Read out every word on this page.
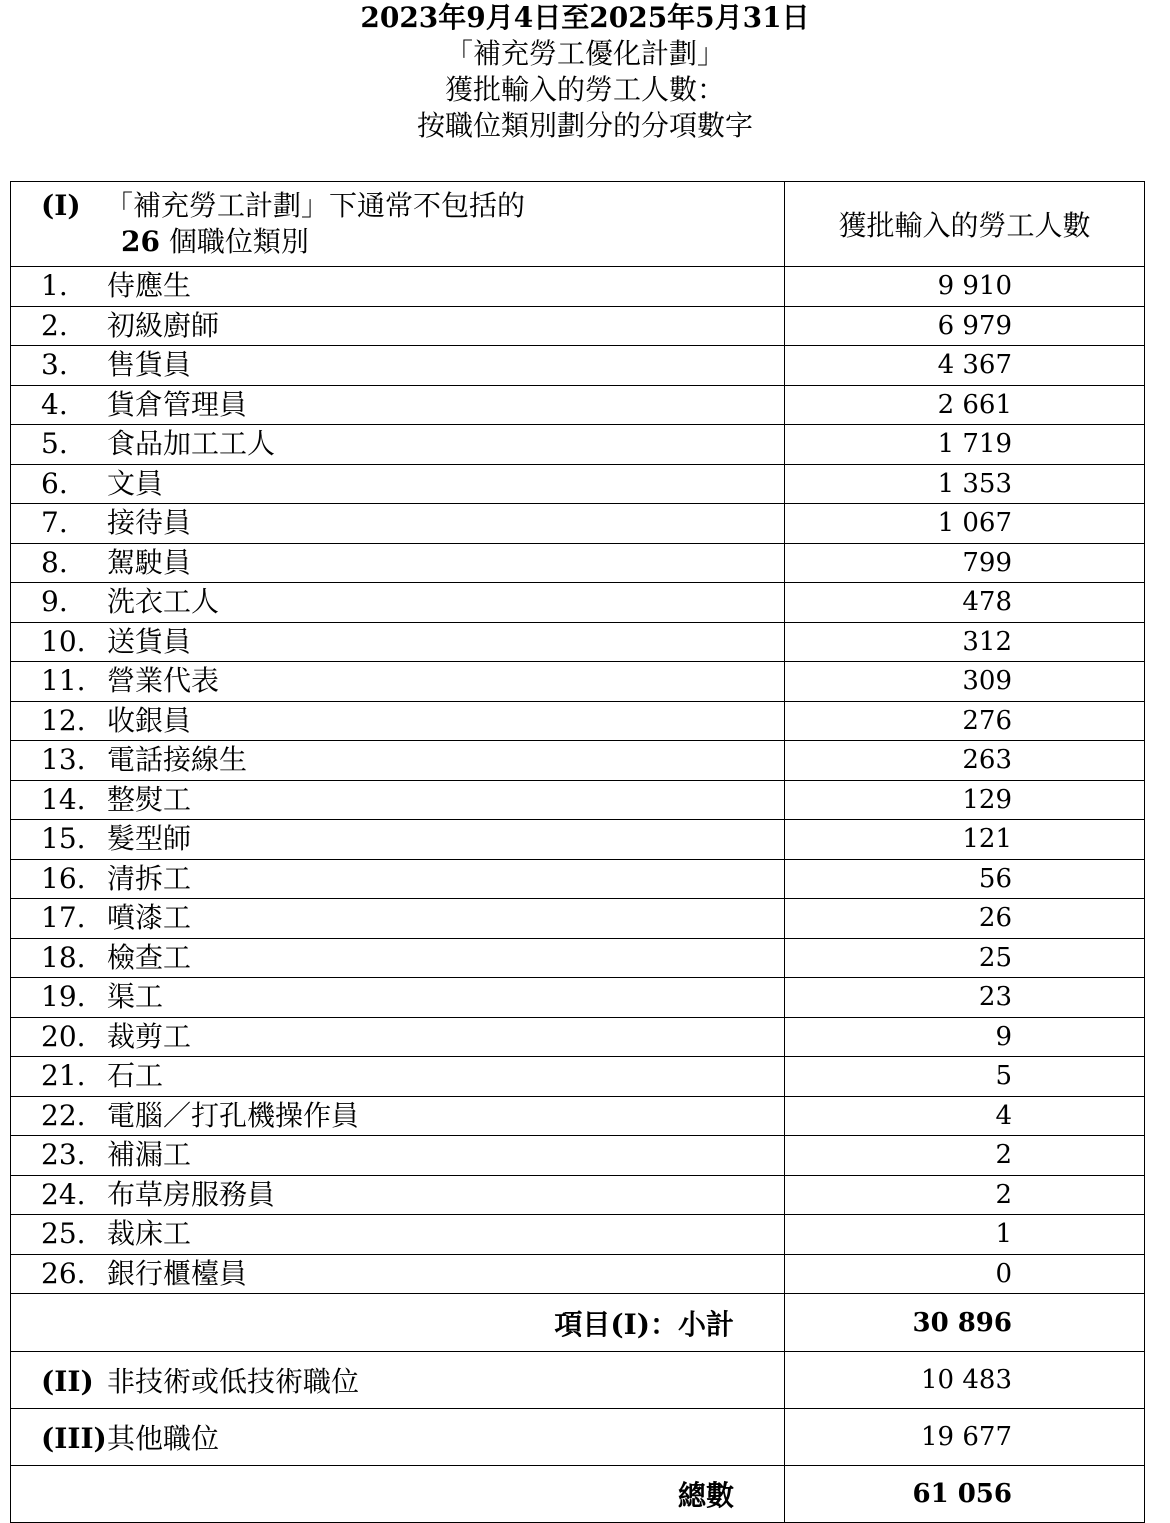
2023年9月4日至2025年5月31日
「補充勞工優化計劃」
獲批輸入的勞工人數：
按職位類別劃分的分項數字
(I) 「補充勞工計劃」下通常不包括的
26 個職位類別	獲批輸入的勞工人數
1. 侍應生	9 910
2. 初級廚師	6 979
3. 售貨員	4 367
4. 貨倉管理員	2 661
5. 食品加工工人	1 719
6. 文員	1 353
7. 接待員	1 067
8. 駕駛員	799
9. 洗衣工人	478
10. 送貨員	312
11. 營業代表	309
12. 收銀員	276
13. 電話接線生	263
14. 整熨工	129
15. 髮型師	121
16. 清拆工	56
17. 噴漆工	26
18. 檢查工	25
19. 渠工	23
20. 裁剪工	9
21. 石工	5
22. 電腦／打孔機操作員	4
23. 補漏工	2
24. 布草房服務員	2
25. 裁床工	1
26. 銀行櫃檯員	0
項目(I)：小計	30 896
(II) 非技術或低技術職位	10 483
(III)其他職位	19 677
總數	61 056
